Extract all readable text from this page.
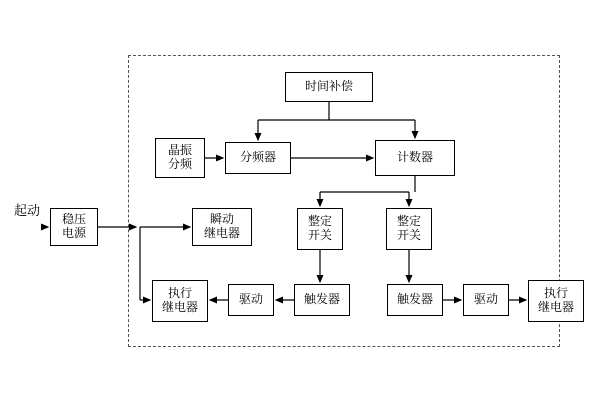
起动
稳压
电源
瞬动
继电器
时间补偿
晶振
分频	分频器	计数器
整定
开关
整定
开关
触发器	触发器
驱动	驱动
执行
继电器
执行
继电器
